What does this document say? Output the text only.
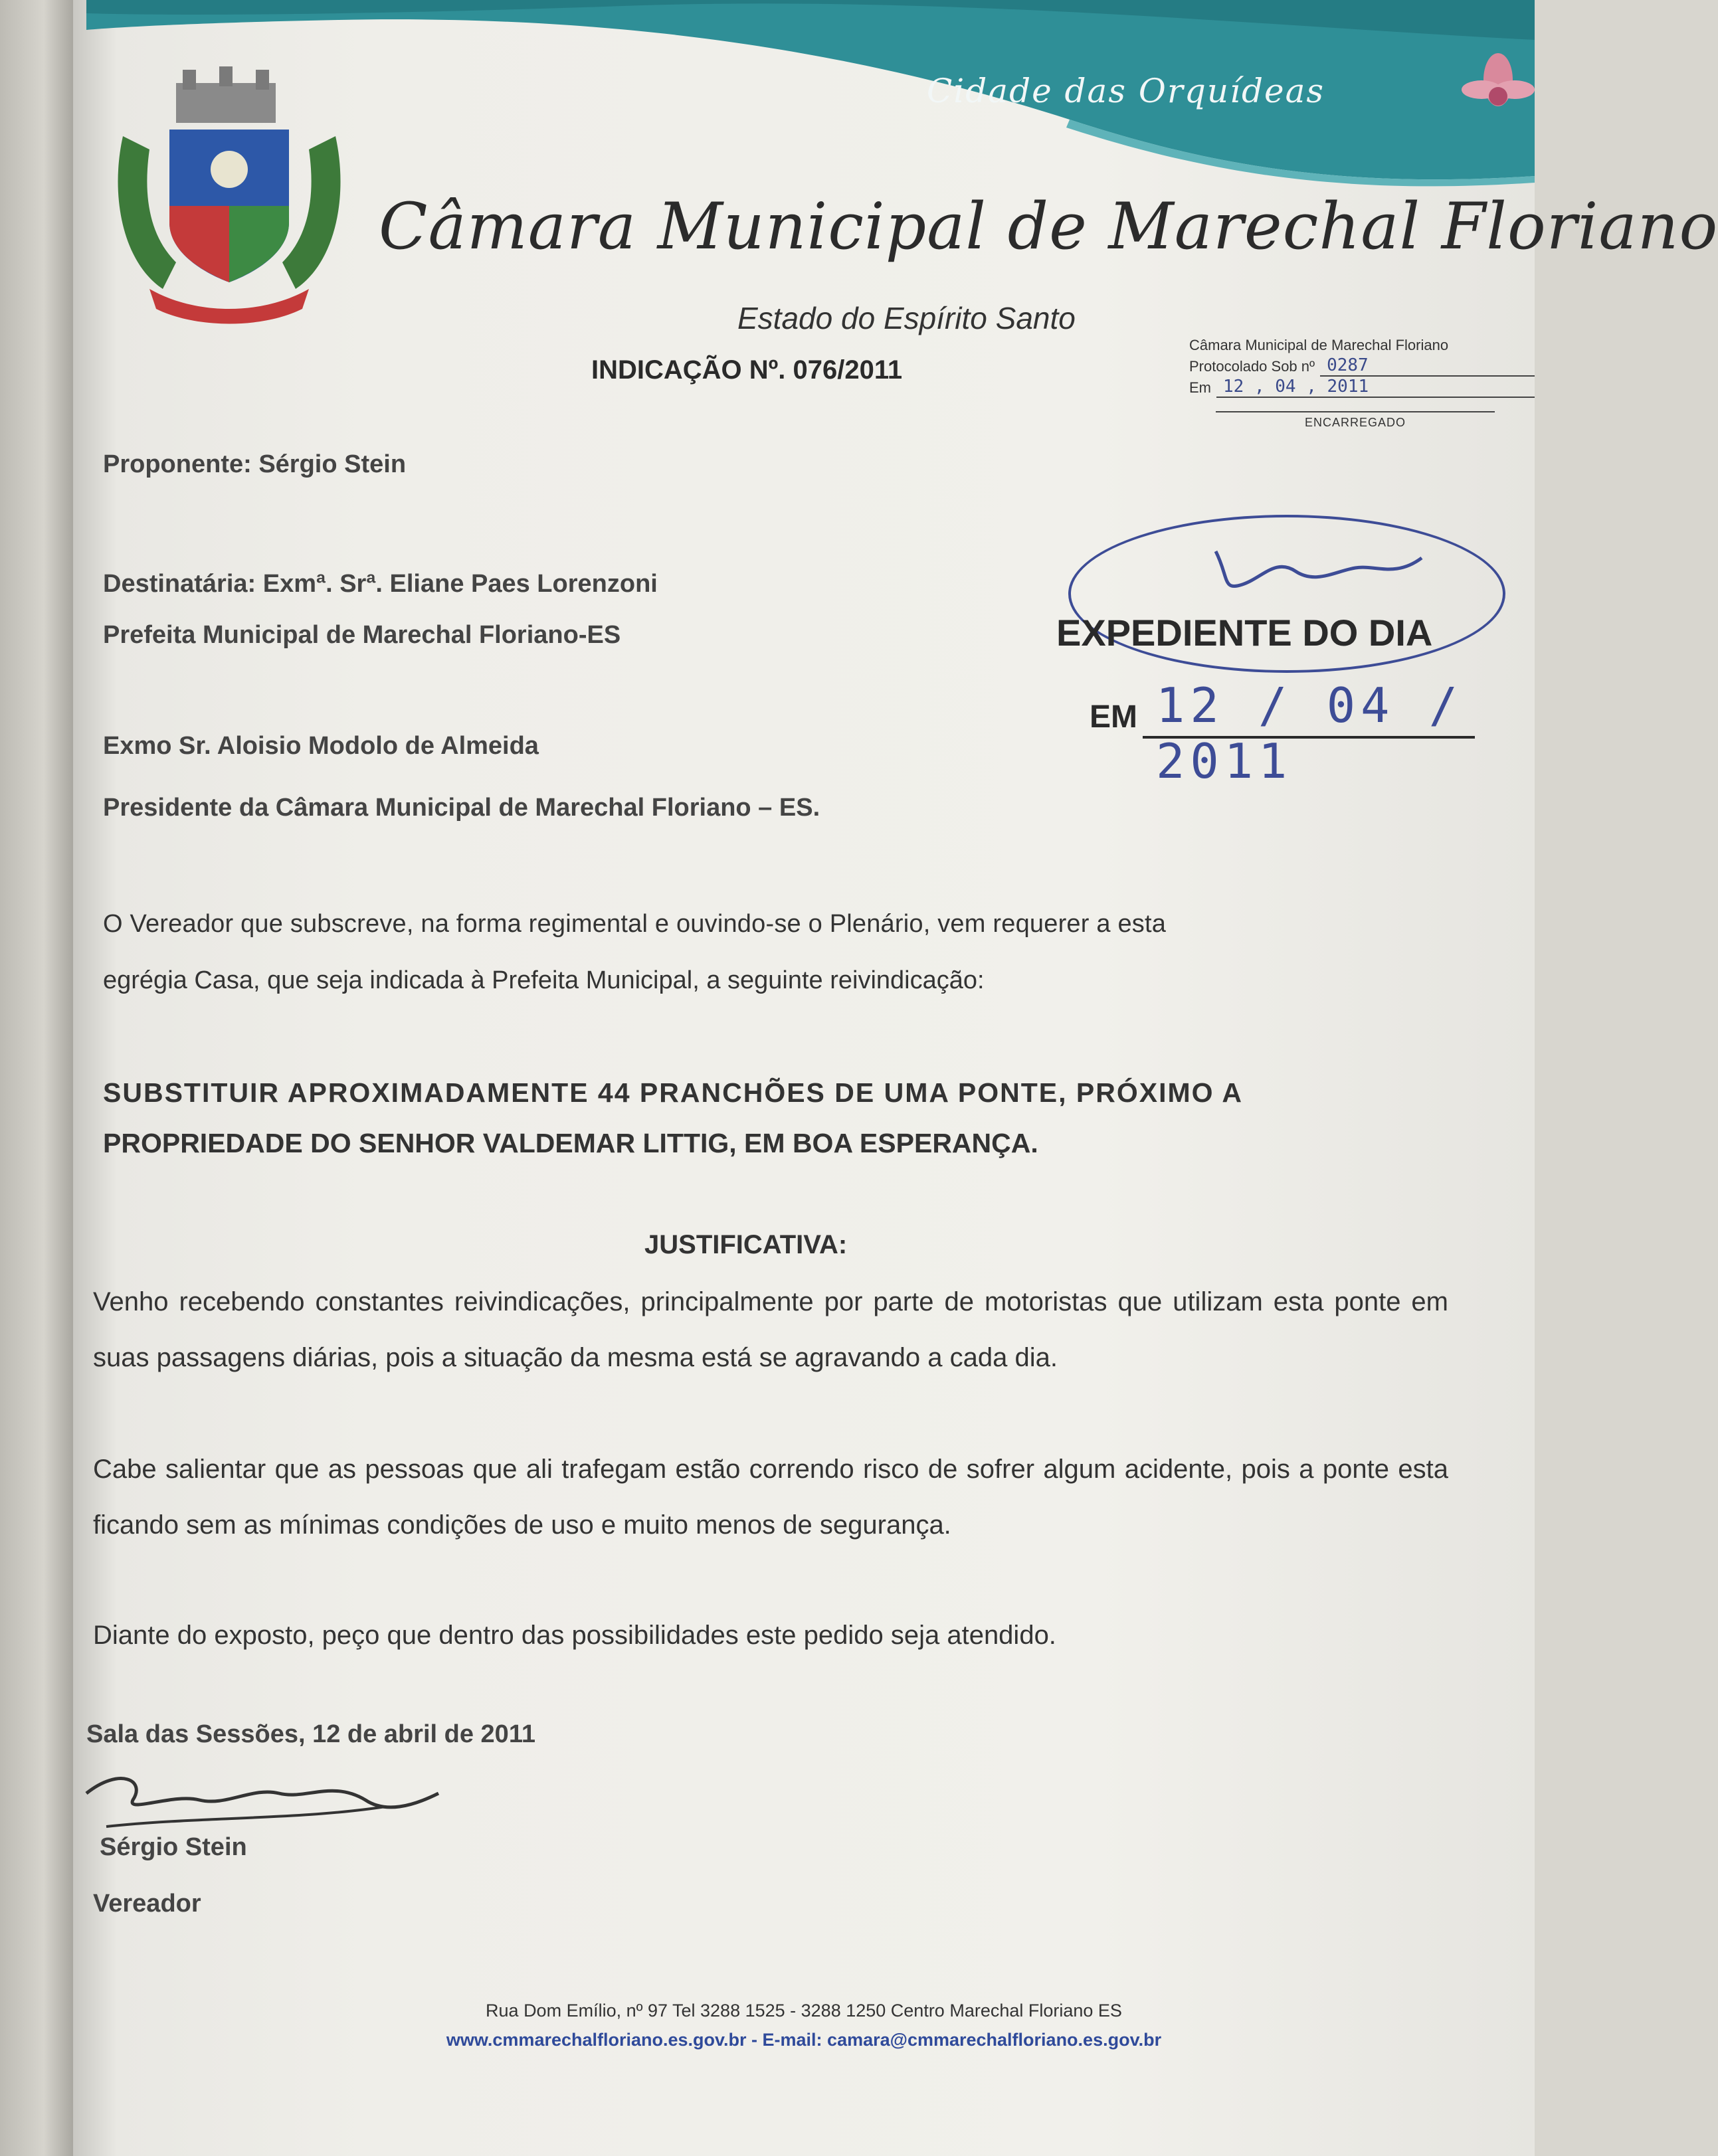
Cidade das Orquídeas
Câmara Municipal de Marechal Floriano
Estado do Espírito Santo
INDICAÇÃO Nº. 076/2011
Câmara Municipal de Marechal Floriano
Protocolado Sob nº 0287
Em 12 , 04 , 2011
ENCARREGADO
Proponente: Sérgio Stein
Destinatária: Exmª. Srª. Eliane Paes Lorenzoni
Prefeita Municipal de Marechal Floriano-ES
Exmo Sr. Aloisio Modolo de Almeida
Presidente da Câmara Municipal de Marechal Floriano – ES.
EXPEDIENTE DO DIA
EM 12 / 04 / 2011
O Vereador que subscreve, na forma regimental e ouvindo-se o Plenário, vem requerer a esta
egrégia Casa, que seja indicada à Prefeita Municipal, a seguinte reivindicação:
SUBSTITUIR APROXIMADAMENTE 44 PRANCHÕES DE UMA PONTE, PRÓXIMO A
PROPRIEDADE DO SENHOR VALDEMAR LITTIG, EM BOA ESPERANÇA.
JUSTIFICATIVA:
Venho recebendo constantes reivindicações, principalmente por parte de motoristas que utilizam esta ponte em suas passagens diárias, pois a situação da mesma está se agravando a cada dia.
Cabe salientar que as pessoas que ali trafegam estão correndo risco de sofrer algum acidente, pois a ponte esta ficando sem as mínimas condições de uso e muito menos de segurança.
Diante do exposto, peço que dentro das possibilidades este pedido seja atendido.
Sala das Sessões, 12 de abril de 2011
Sérgio Stein
Vereador
Rua Dom Emílio, nº 97 Tel 3288 1525 - 3288 1250 Centro Marechal Floriano ES
www.cmmarechalfloriano.es.gov.br - E-mail: camara@cmmarechalfloriano.es.gov.br
